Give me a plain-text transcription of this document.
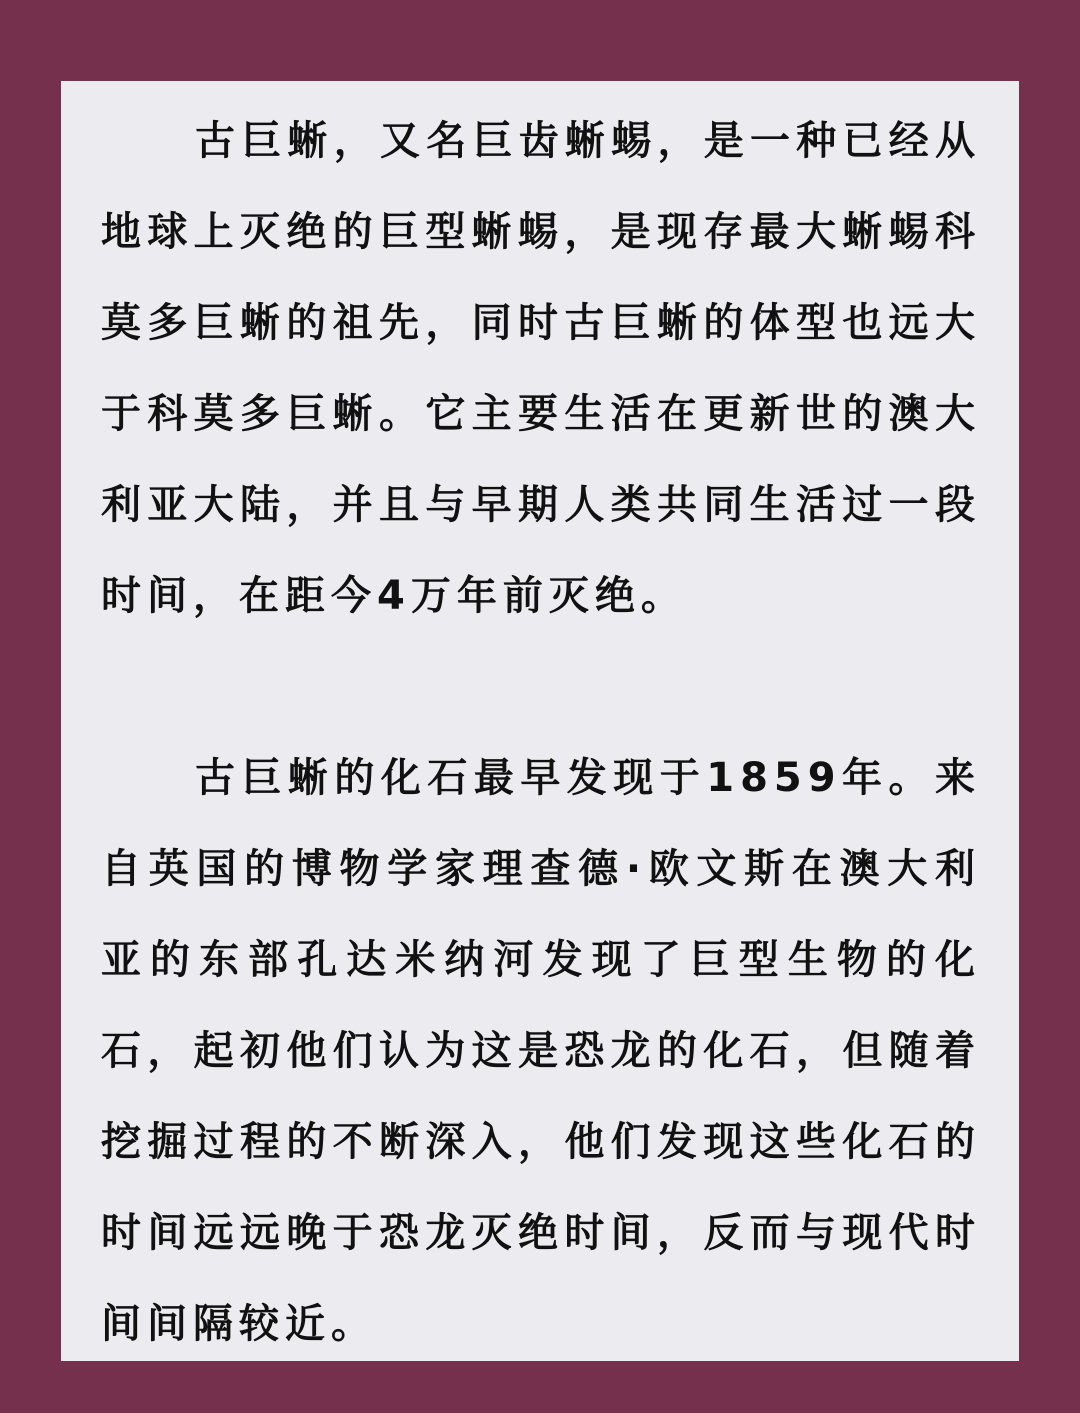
古巨蜥，又名巨齿蜥蜴，是一种已经从地球上灭绝的巨型蜥蜴，是现存最大蜥蜴科莫多巨蜥的祖先，同时古巨蜥的体型也远大于科莫多巨蜥。它主要生活在更新世的澳大利亚大陆，并且与早期人类共同生活过一段时间，在距今4万年前灭绝。

古巨蜥的化石最早发现于1859年。来自英国的博物学家理查德·欧文斯在澳大利亚的东部孔达米纳河发现了巨型生物的化石，起初他们认为这是恐龙的化石，但随着挖掘过程的不断深入，他们发现这些化石的时间远远晚于恐龙灭绝时间，反而与现代时间间隔较近。
